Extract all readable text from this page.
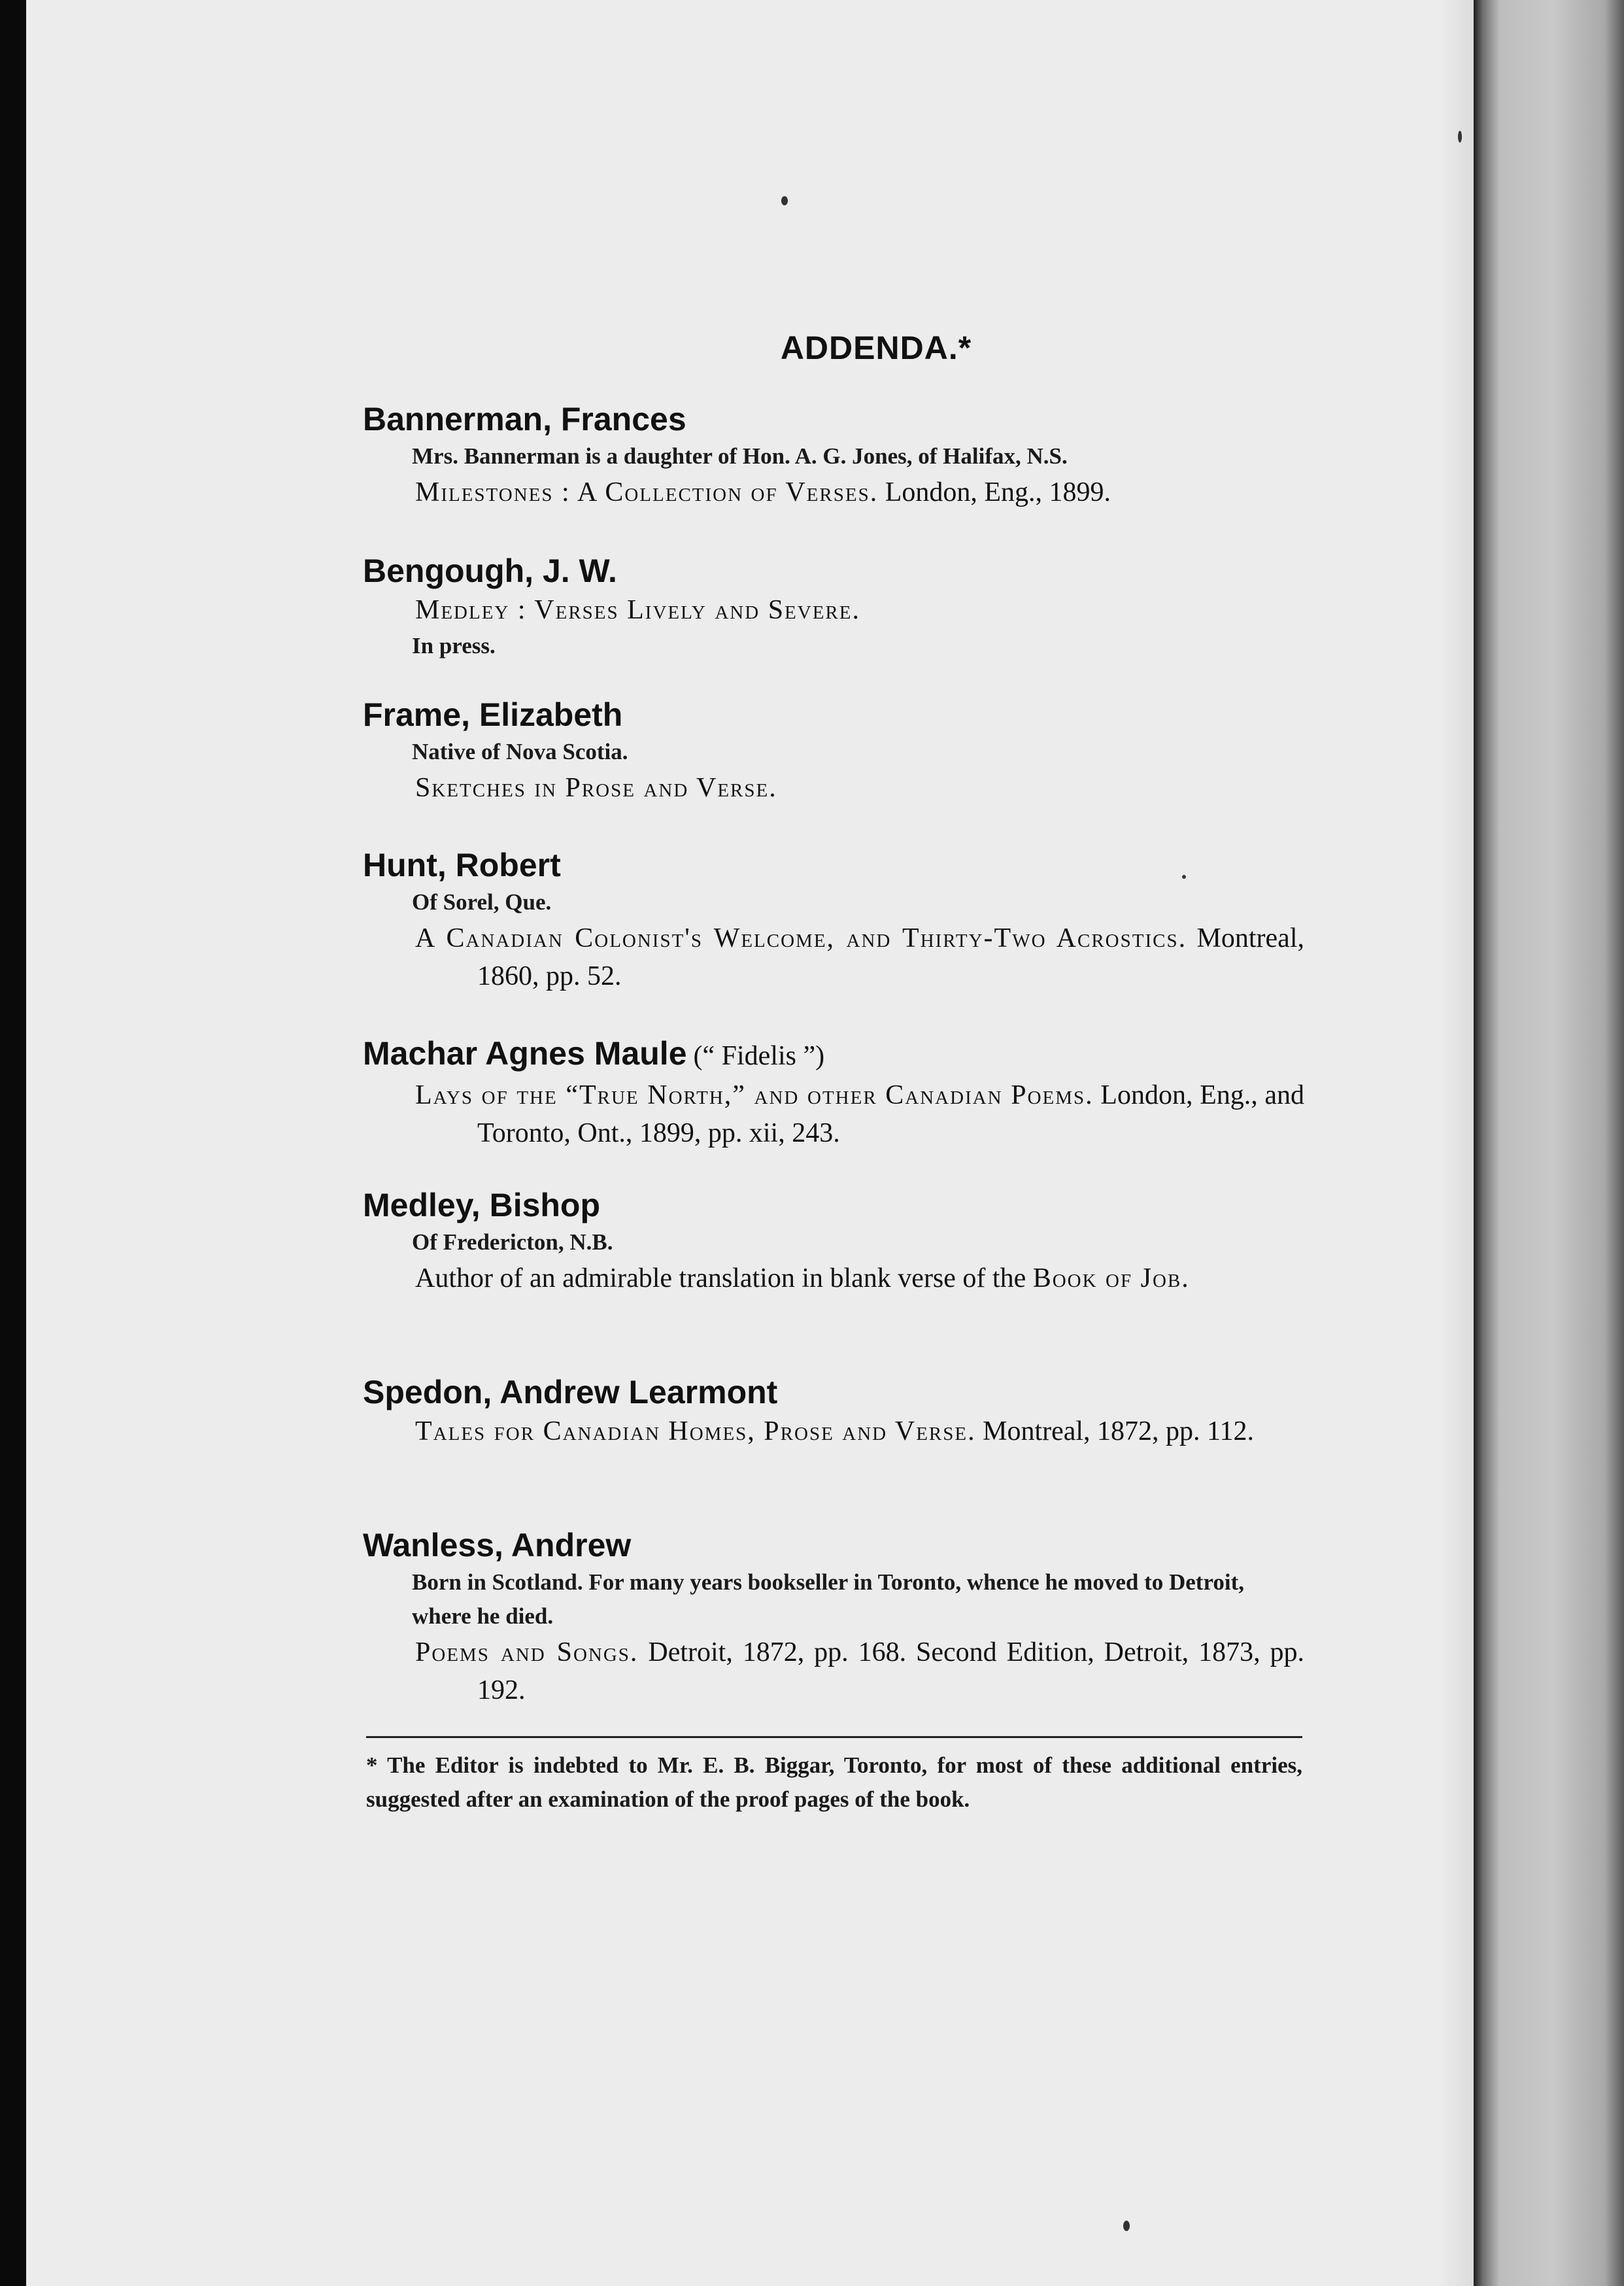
ADDENDA.*
Bannerman, Frances
Mrs. Bannerman is a daughter of Hon. A. G. Jones, of Halifax, N.S.
Milestones : A Collection of Verses. London, Eng., 1899.
Bengough, J. W.
Medley : Verses Lively and Severe.
In press.
Frame, Elizabeth
Native of Nova Scotia.
Sketches in Prose and Verse.
Hunt, Robert
Of Sorel, Que.
A Canadian Colonist's Welcome, and Thirty-Two Acrostics. Montreal, 1860, pp. 52.
Machar Agnes Maule (“ Fidelis ”)
Lays of the “True North,” and other Canadian Poems. London, Eng., and Toronto, Ont., 1899, pp. xii, 243.
Medley, Bishop
Of Fredericton, N.B.
Author of an admirable translation in blank verse of the Book of Job.
Spedon, Andrew Learmont
Tales for Canadian Homes, Prose and Verse. Montreal, 1872, pp. 112.
Wanless, Andrew
Born in Scotland. For many years bookseller in Toronto, whence he moved to Detroit, where he died.
Poems and Songs. Detroit, 1872, pp. 168. Second Edition, Detroit, 1873, pp. 192.
* The Editor is indebted to Mr. E. B. Biggar, Toronto, for most of these additional entries, suggested after an examination of the proof pages of the book.
